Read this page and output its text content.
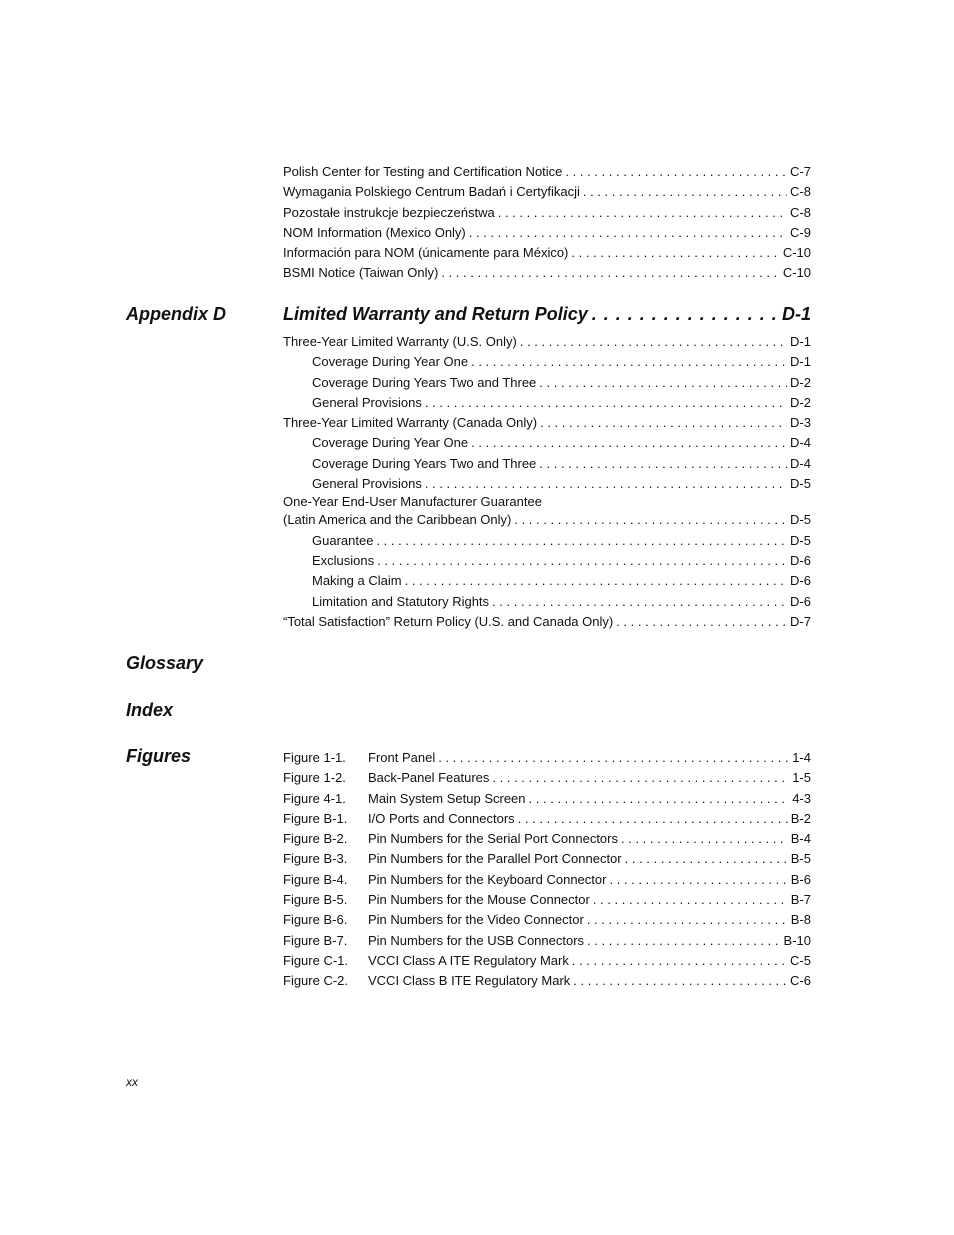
Polish Center for Testing and Certification Notice . . .	C-7
Wymagania Polskiego Centrum Badań i Certyfikacji . . .	C-8
Pozostałe instrukcje bezpieczeństwa . . .	C-8
NOM Information (Mexico Only) . . .	C-9
Información para NOM (únicamente para México) . . .	C-10
BSMI Notice (Taiwan Only) . . .	C-10
Appendix D	Limited Warranty and Return Policy . . .	D-1
Three-Year Limited Warranty (U.S. Only) . . .	D-1
Coverage During Year One . . .	D-1
Coverage During Years Two and Three . . .	D-2
General Provisions . . .	D-2
Three-Year Limited Warranty (Canada Only) . . .	D-3
Coverage During Year One . . .	D-4
Coverage During Years Two and Three . . .	D-4
General Provisions . . .	D-5
One-Year End-User Manufacturer Guarantee
(Latin America and the Caribbean Only) . . .	D-5
Guarantee . . .	D-5
Exclusions . . .	D-6
Making a Claim . . .	D-6
Limitation and Statutory Rights . . .	D-6
“Total Satisfaction” Return Policy (U.S. and Canada Only) . . .	D-7
Glossary
Index
Figures	Figure 1-1.	Front Panel . . .	1-4
Figure 1-2.	Back-Panel Features . . .	1-5
Figure 4-1.	Main System Setup Screen . . .	4-3
Figure B-1.	I/O Ports and Connectors . . .	B-2
Figure B-2.	Pin Numbers for the Serial Port Connectors . . .	B-4
Figure B-3.	Pin Numbers for the Parallel Port Connector . . .	B-5
Figure B-4.	Pin Numbers for the Keyboard Connector . . .	B-6
Figure B-5.	Pin Numbers for the Mouse Connector . . .	B-7
Figure B-6.	Pin Numbers for the Video Connector . . .	B-8
Figure B-7.	Pin Numbers for the USB Connectors . . .	B-10
Figure C-1.	VCCI Class A ITE Regulatory Mark . . .	C-5
Figure C-2.	VCCI Class B ITE Regulatory Mark . . .	C-6
xx
